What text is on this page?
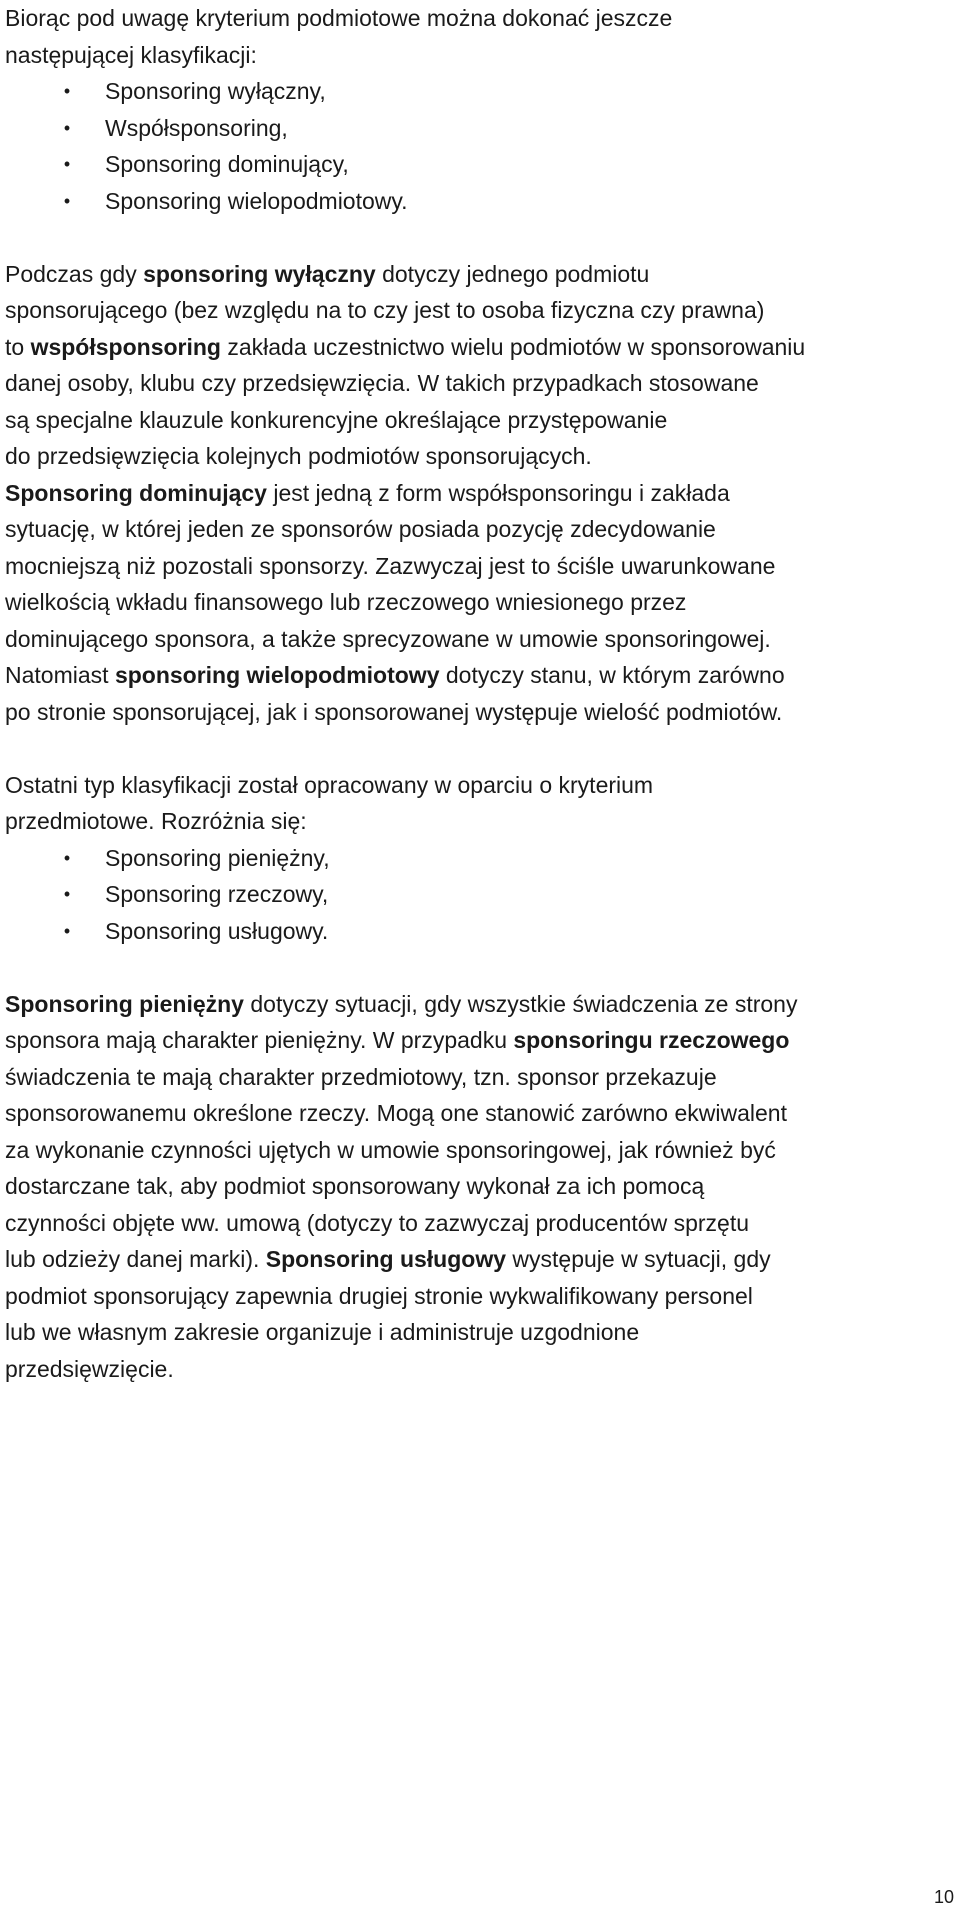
Biorąc pod uwagę kryterium podmiotowe można dokonać jeszcze
następującej klasyfikacji:
• Sponsoring wyłączny,
• Współsponsoring,
• Sponsoring dominujący,
• Sponsoring wielopodmiotowy.
Podczas gdy sponsoring wyłączny dotyczy jednego podmiotu
sponsorującego (bez względu na to czy jest to osoba fizyczna czy prawna)
to współsponsoring zakłada uczestnictwo wielu podmiotów w sponsorowaniu
danej osoby, klubu czy przedsięwzięcia. W takich przypadkach stosowane
są specjalne klauzule konkurencyjne określające przystępowanie
do przedsięwzięcia kolejnych podmiotów sponsorujących.
Sponsoring dominujący jest jedną z form współsponsoringu i zakłada
sytuację, w której jeden ze sponsorów posiada pozycję zdecydowanie
mocniejszą niż pozostali sponsorzy. Zazwyczaj jest to ściśle uwarunkowane
wielkością wkładu finansowego lub rzeczowego wniesionego przez
dominującego sponsora, a także sprecyzowane w umowie sponsoringowej.
Natomiast sponsoring wielopodmiotowy dotyczy stanu, w którym zarówno
po stronie sponsorującej, jak i sponsorowanej występuje wielość podmiotów.
Ostatni typ klasyfikacji został opracowany w oparciu o kryterium
przedmiotowe. Rozróżnia się:
• Sponsoring pieniężny,
• Sponsoring rzeczowy,
• Sponsoring usługowy.
Sponsoring pieniężny dotyczy sytuacji, gdy wszystkie świadczenia ze strony
sponsora mają charakter pieniężny. W przypadku sponsoringu rzeczowego
świadczenia te mają charakter przedmiotowy, tzn. sponsor przekazuje
sponsorowanemu określone rzeczy. Mogą one stanowić zarówno ekwiwalent
za wykonanie czynności ujętych w umowie sponsoringowej, jak również być
dostarczane tak, aby podmiot sponsorowany wykonał za ich pomocą
czynności objęte ww. umową (dotyczy to zazwyczaj producentów sprzętu
lub odzieży danej marki). Sponsoring usługowy występuje w sytuacji, gdy
podmiot sponsorujący zapewnia drugiej stronie wykwalifikowany personel
lub we własnym zakresie organizuje i administruje uzgodnione
przedsięwzięcie.
10
